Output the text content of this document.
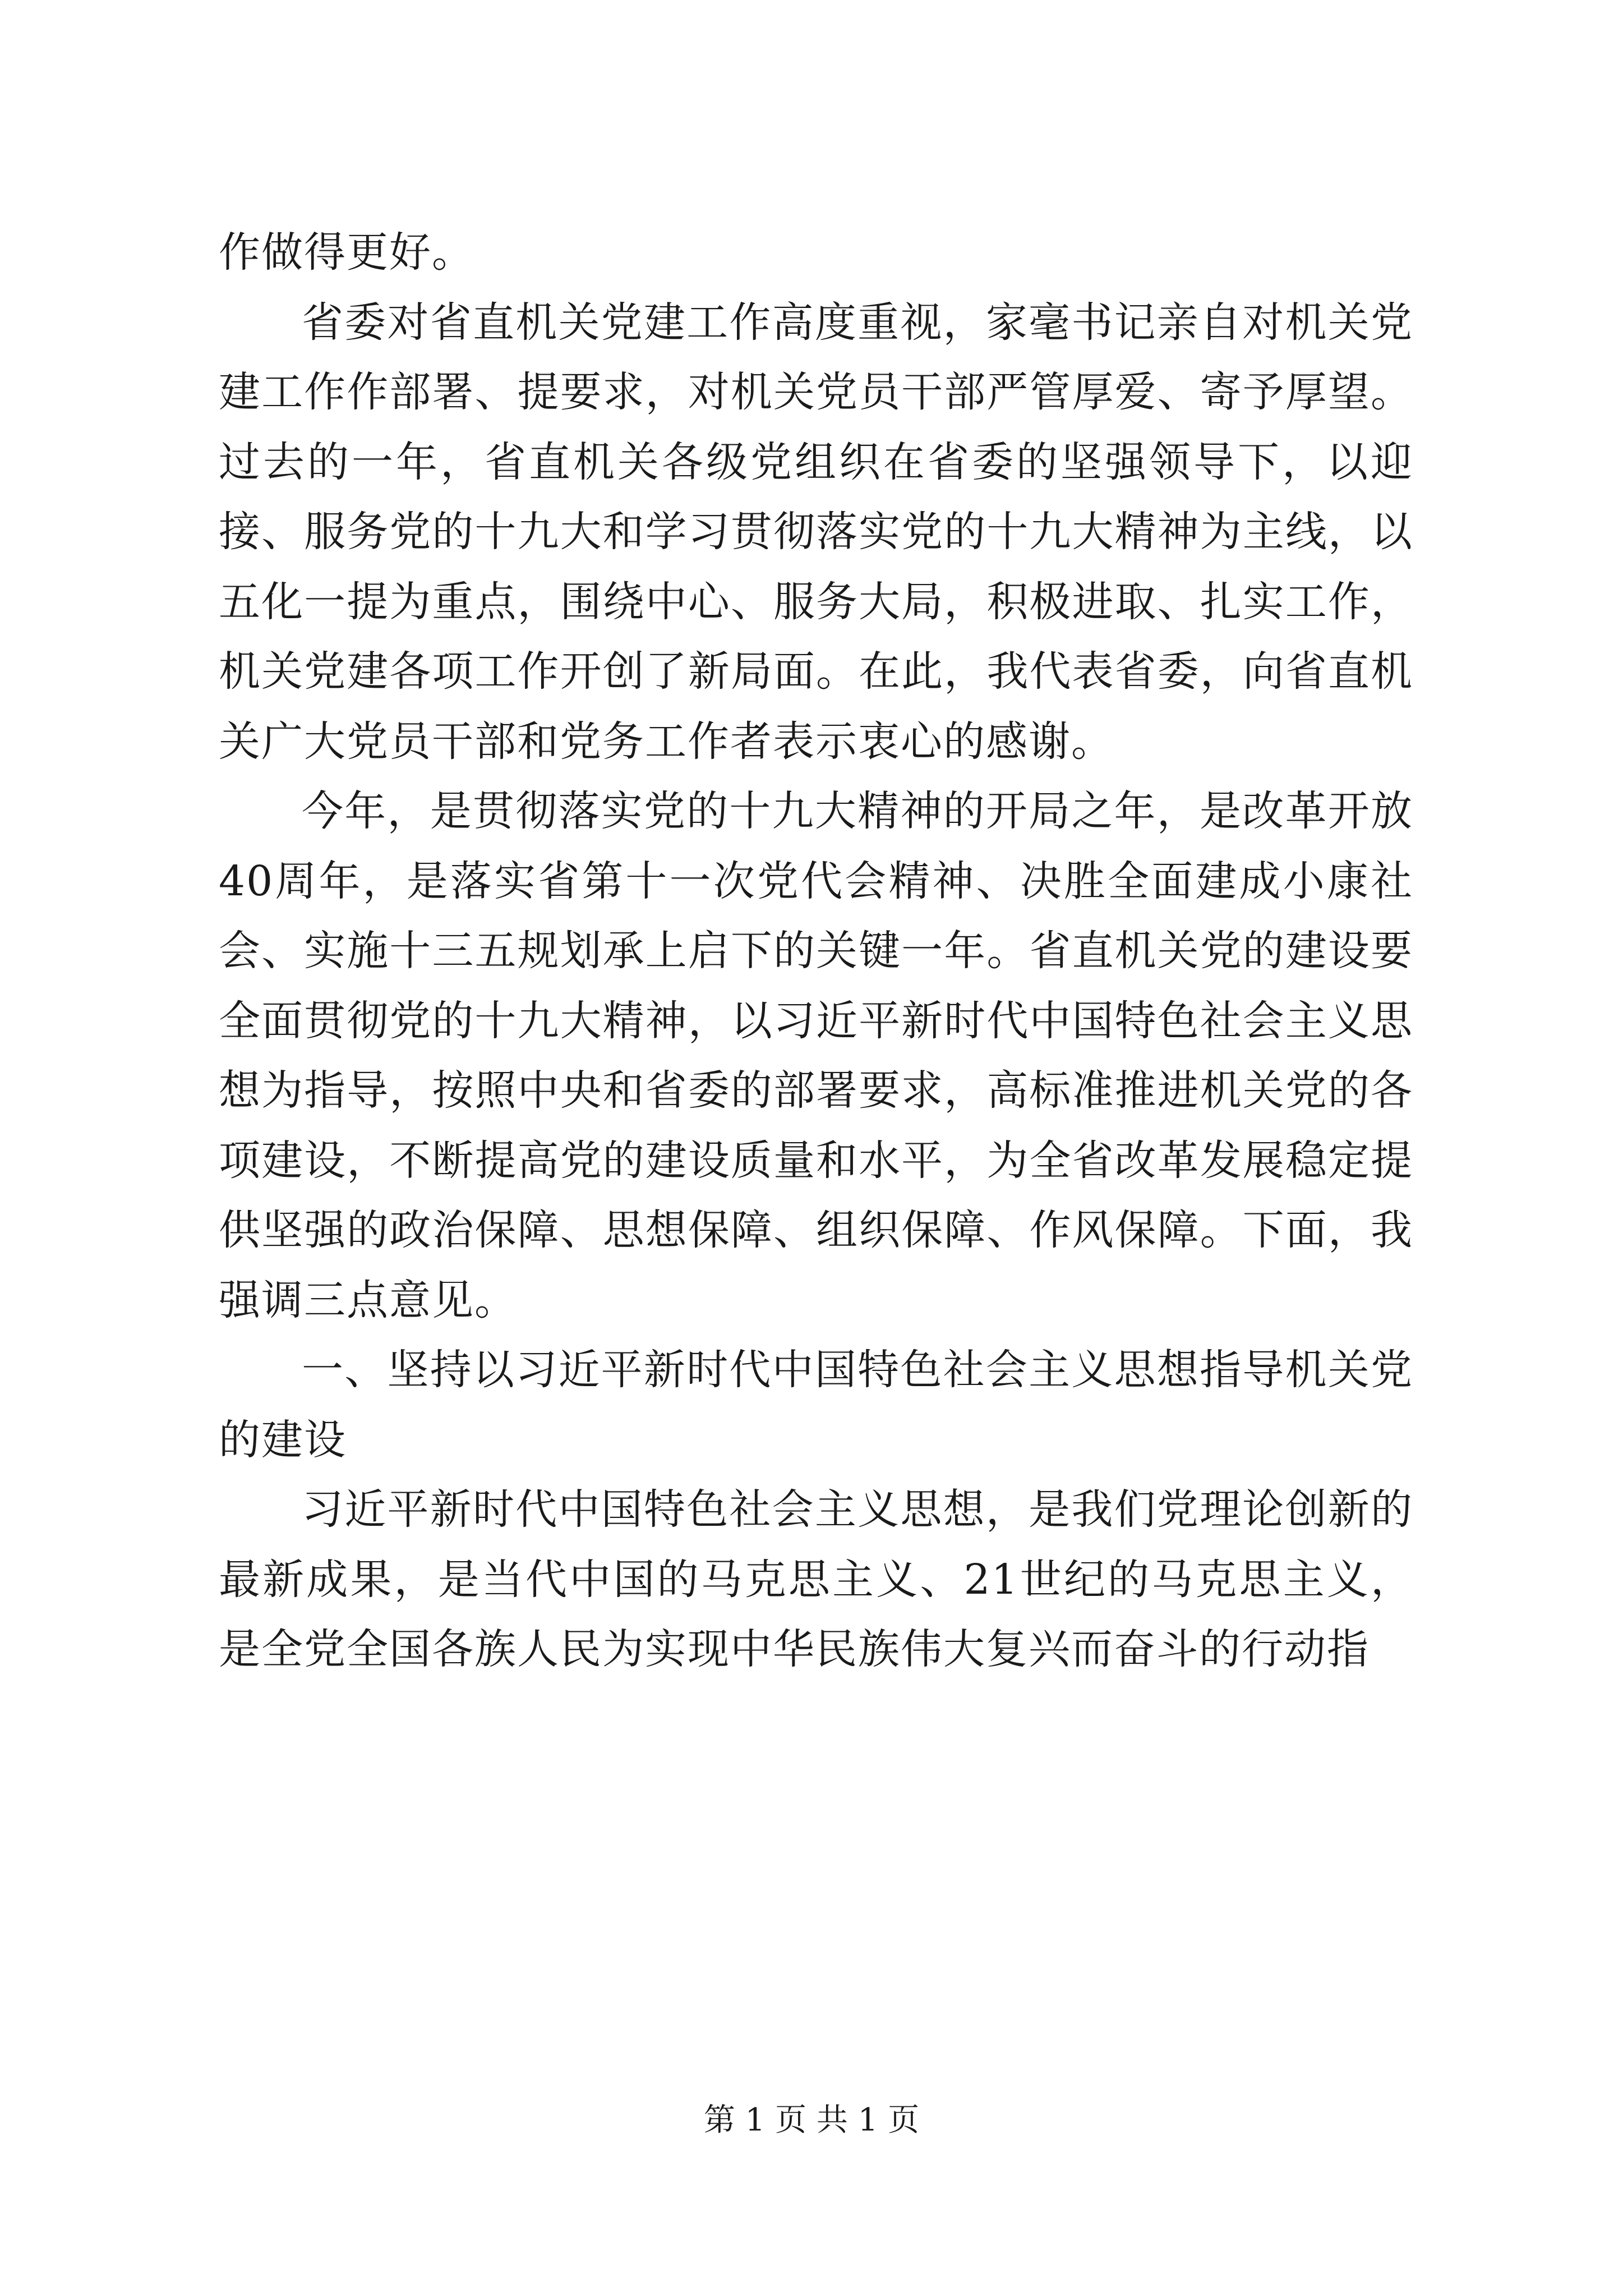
作做得更好。

省委对省直机关党建工作高度重视，家毫书记亲自对机关党建工作作部署、提要求，对机关党员干部严管厚爱、寄予厚望。过去的一年，省直机关各级党组织在省委的坚强领导下，以迎接、服务党的十九大和学习贯彻落实党的十九大精神为主线，以五化一提为重点，围绕中心、服务大局，积极进取、扎实工作，机关党建各项工作开创了新局面。在此，我代表省委，向省直机关广大党员干部和党务工作者表示衷心的感谢。

今年，是贯彻落实党的十九大精神的开局之年，是改革开放40周年，是落实省第十一次党代会精神、决胜全面建成小康社会、实施十三五规划承上启下的关键一年。省直机关党的建设要全面贯彻党的十九大精神，以习近平新时代中国特色社会主义思想为指导，按照中央和省委的部署要求，高标准推进机关党的各项建设，不断提高党的建设质量和水平，为全省改革发展稳定提供坚强的政治保障、思想保障、组织保障、作风保障。下面，我强调三点意见。

一、坚持以习近平新时代中国特色社会主义思想指导机关党的建设

习近平新时代中国特色社会主义思想，是我们党理论创新的最新成果，是当代中国的马克思主义、21世纪的马克思主义，是全党全国各族人民为实现中华民族伟大复兴而奋斗的行动指

第 1 页 共 1 页
